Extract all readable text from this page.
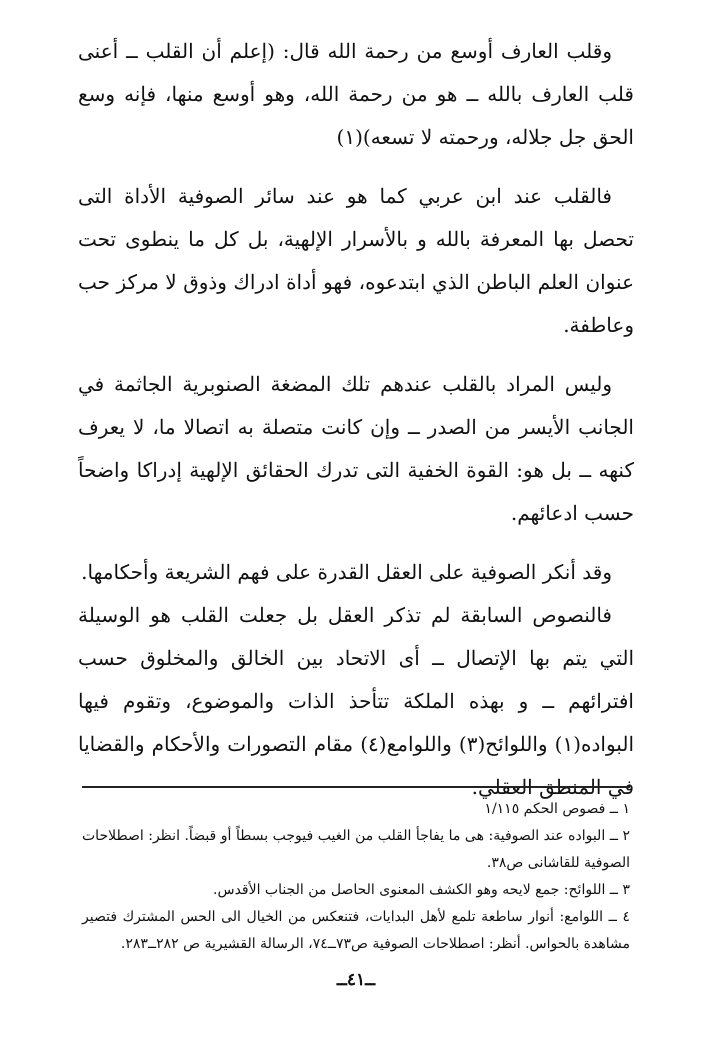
وقلب العارف أوسع من رحمة الله قال: (إعلم أن القلب ــ أعنى قلب العارف بالله ــ هو من رحمة الله، وهو أوسع منها، فإنه وسع الحق جل جلاله، ورحمته لا تسعه)(١)

فالقلب عند ابن عربي كما هو عند سائر الصوفية الأداة التى تحصل بها المعرفة بالله و بالأسرار الإلهية، بل كل ما ينطوى تحت عنوان العلم الباطن الذي ابتدعوه، فهو أداة ادراك وذوق لا مركز حب وعاطفة.

وليس المراد بالقلب عندهم تلك المضغة الصنوبرية الجاثمة في الجانب الأيسر من الصدر ــ وإن كانت متصلة به اتصالا ما، لا يعرف كنهه ــ بل هو: القوة الخفية التى تدرك الحقائق الإلهية إدراكا واضحاً حسب ادعائهم.

وقد أنكر الصوفية على العقل القدرة على فهم الشريعة وأحكامها.

فالنصوص السابقة لم تذكر العقل بل جعلت القلب هو الوسيلة التي يتم بها الإتصال ــ أى الاتحاد بين الخالق والمخلوق حسب افترائهم ــ و بهذه الملكة تتأحذ الذات والموضوع، وتقوم فيها البواده(١) واللوائح(٣) واللوامع(٤) مقام التصورات والأحكام والقضايا في المنطق العقلي.

١ ــ فصوص الحكم ١/١١٥

٢ ــ البواده عند الصوفية: هى ما يفاجأ القلب من الغيب فيوجب بسطاً أو قبضاً. انظر: اصطلاحات الصوفية للقاشانى ص٣٨.

٣ ــ اللوائح: جمع لايحه وهو الكشف المعنوى الحاصل من الجناب الأقدس.

٤ ــ اللوامع: أنوار ساطعة تلمع لأهل البدايات، فتنعكس من الخيال الى الحس المشترك فتصير مشاهدة بالحواس. أنظر: اصطلاحات الصوفية ص٧٣ــ٧٤، الرسالة القشيرية ص ٢٨٢ــ٢٨٣.

ــ٤١ــ
